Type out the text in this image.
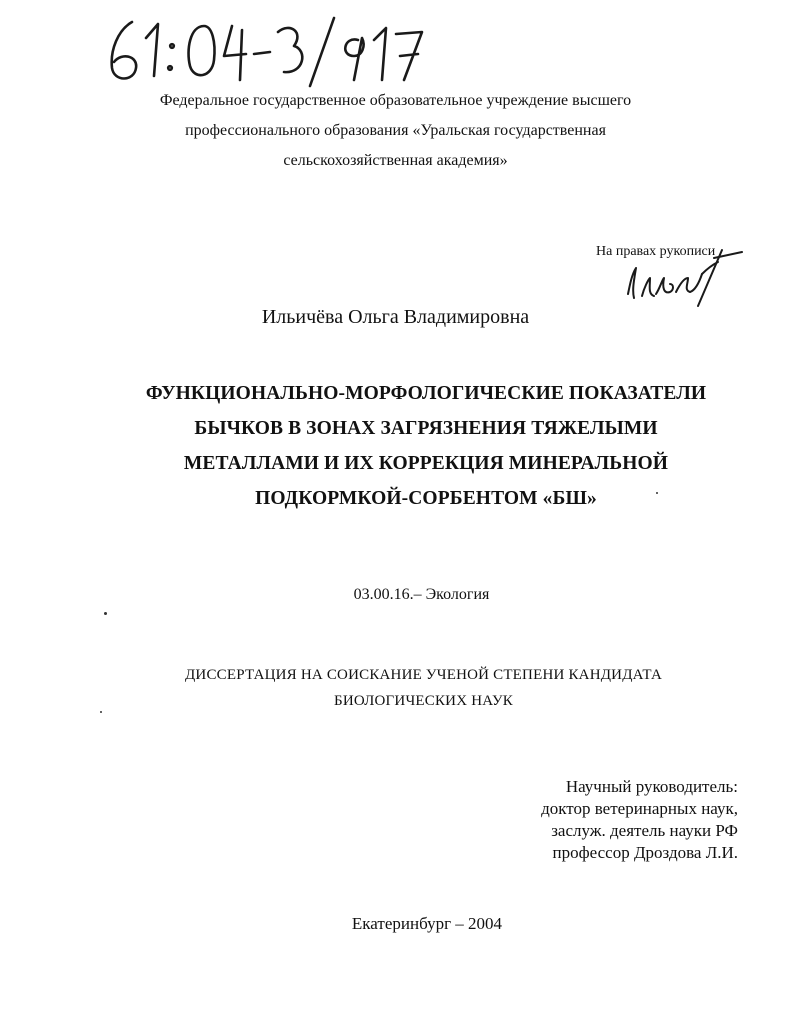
Федеральное государственное образовательное учреждение высшего
профессионального образования «Уральская государственная
сельскохозяйственная академия»
На правах рукописи
Ильичёва Ольга Владимировна
ФУНКЦИОНАЛЬНО-МОРФОЛОГИЧЕСКИЕ ПОКАЗАТЕЛИ
БЫЧКОВ В ЗОНАХ ЗАГРЯЗНЕНИЯ ТЯЖЕЛЫМИ
МЕТАЛЛАМИ И ИХ КОРРЕКЦИЯ МИНЕРАЛЬНОЙ
ПОДКОРМКОЙ-СОРБЕНТОМ «БШ»
03.00.16.– Экология
ДИССЕРТАЦИЯ НА СОИСКАНИЕ УЧЕНОЙ СТЕПЕНИ КАНДИДАТА
БИОЛОГИЧЕСКИХ НАУК
Научный руководитель:
доктор ветеринарных наук,
заслуж. деятель науки РФ
профессор Дроздова Л.И.
Екатеринбург – 2004
